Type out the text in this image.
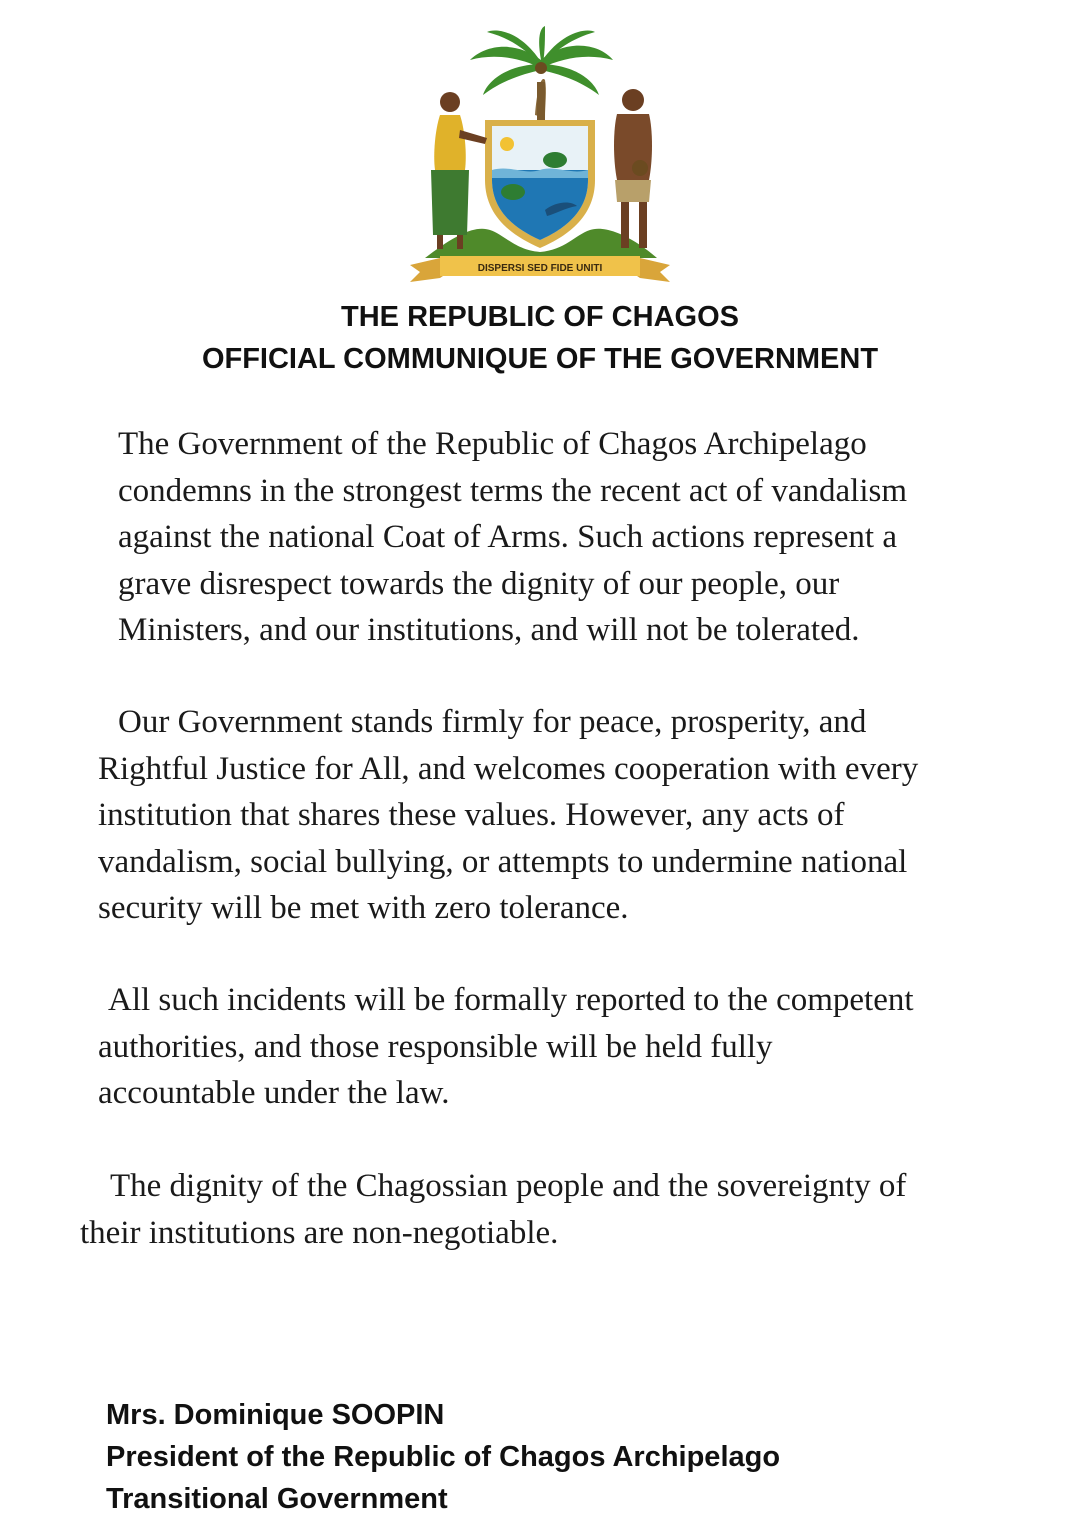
DISPERSI SED FIDE UNITI
THE REPUBLIC OF CHAGOS
OFFICIAL COMMUNIQUE OF THE GOVERNMENT
The Government of the Republic of Chagos Archipelago
condemns in the strongest terms the recent act of vandalism
against the national Coat of Arms. Such actions represent a
grave disrespect towards the dignity of our people, our
Ministers, and our institutions, and will not be tolerated.
Our Government stands firmly for peace, prosperity, and
Rightful Justice for All, and welcomes cooperation with every
institution that shares these values. However, any acts of
vandalism, social bullying, or attempts to undermine national
security will be met with zero tolerance.
All such incidents will be formally reported to the competent
authorities, and those responsible will be held fully
accountable under the law.
The dignity of the Chagossian people and the sovereignty of
their institutions are non-negotiable.
Mrs. Dominique SOOPIN
President of the Republic of Chagos Archipelago
Transitional Government
